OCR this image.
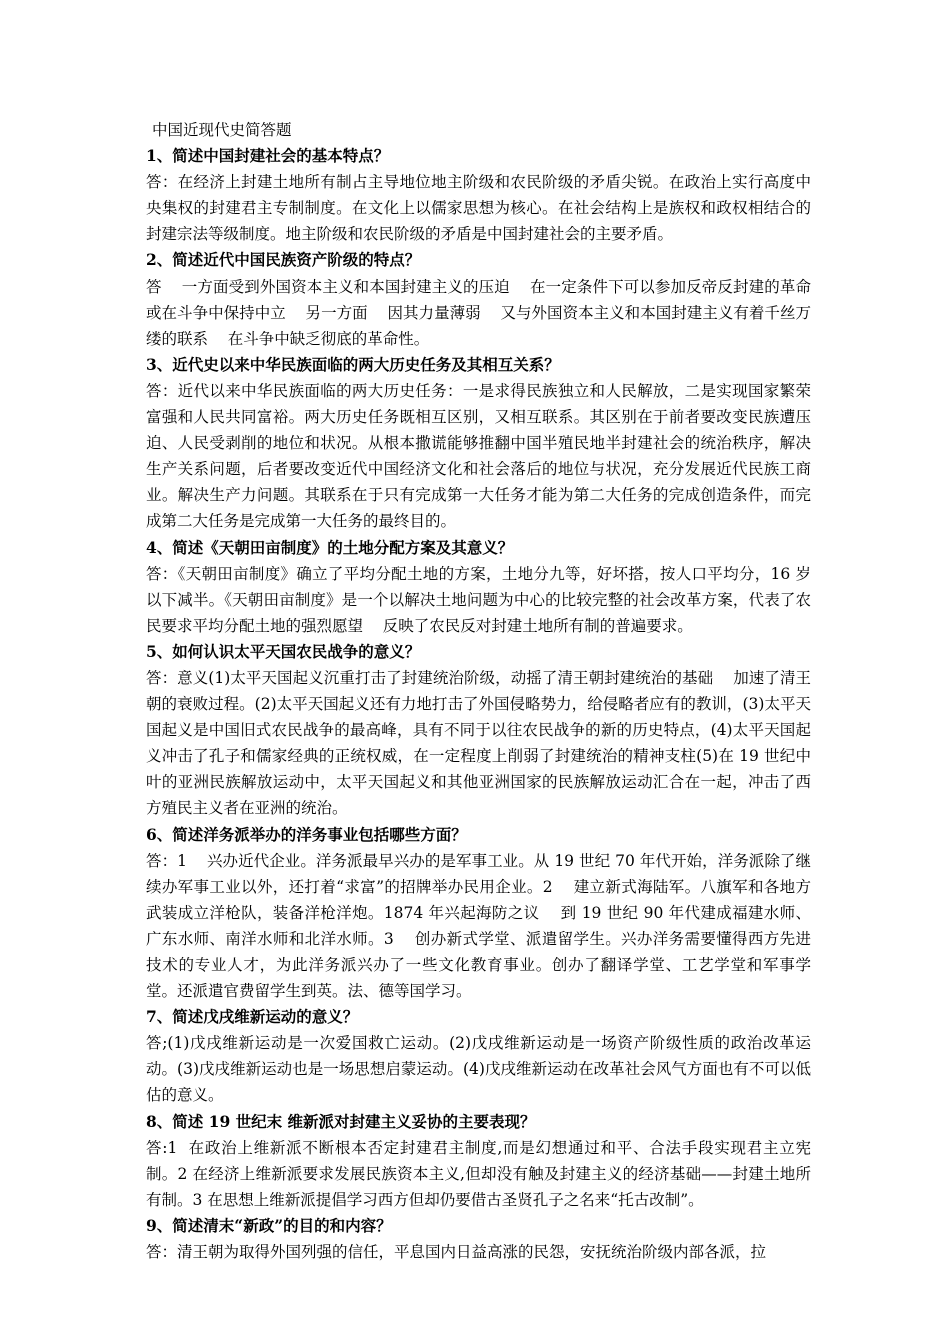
中国近现代史简答题

1、简述中国封建社会的基本特点？

答：在经济上封建土地所有制占主导地位地主阶级和农民阶级的矛盾尖锐。在政治上实行高度中央集权的封建君主专制制度。在文化上以儒家思想为核心。在社会结构上是族权和政权相结合的封建宗法等级制度。地主阶级和农民阶级的矛盾是中国封建社会的主要矛盾。

2、简述近代中国民族资产阶级的特点？

答    一方面受到外国资本主义和本国封建主义的压迫    在一定条件下可以参加反帝反封建的革命或在斗争中保持中立    另一方面    因其力量薄弱    又与外国资本主义和本国封建主义有着千丝万缕的联系    在斗争中缺乏彻底的革命性。

3、近代史以来中华民族面临的两大历史任务及其相互关系？

答：近代以来中华民族面临的两大历史任务：一是求得民族独立和人民解放，二是实现国家繁荣富强和人民共同富裕。两大历史任务既相互区别，又相互联系。其区别在于前者要改变民族遭压迫、人民受剥削的地位和状况。从根本撒谎能够推翻中国半殖民地半封建社会的统治秩序，解决生产关系问题，后者要改变近代中国经济文化和社会落后的地位与状况，充分发展近代民族工商业。解决生产力问题。其联系在于只有完成第一大任务才能为第二大任务的完成创造条件，而完成第二大任务是完成第一大任务的最终目的。

4、简述《天朝田亩制度》的土地分配方案及其意义？

答：《天朝田亩制度》确立了平均分配土地的方案，土地分九等，好坏搭，按人口平均分，16 岁以下减半。《天朝田亩制度》是一个以解决土地问题为中心的比较完整的社会改革方案，代表了农民要求平均分配土地的强烈愿望    反映了农民反对封建土地所有制的普遍要求。

5、如何认识太平天国农民战争的意义？

答：意义(1)太平天国起义沉重打击了封建统治阶级，动摇了清王朝封建统治的基础    加速了清王朝的衰败过程。(2)太平天国起义还有力地打击了外国侵略势力，给侵略者应有的教训，(3)太平天国起义是中国旧式农民战争的最高峰，具有不同于以往农民战争的新的历史特点，(4)太平天国起义冲击了孔子和儒家经典的正统权威，在一定程度上削弱了封建统治的精神支柱(5)在 19 世纪中叶的亚洲民族解放运动中，太平天国起义和其他亚洲国家的民族解放运动汇合在一起，冲击了西方殖民主义者在亚洲的统治。

6、简述洋务派举办的洋务事业包括哪些方面？

答：1    兴办近代企业。洋务派最早兴办的是军事工业。从 19 世纪 70 年代开始，洋务派除了继续办军事工业以外，还打着“求富”的招牌举办民用企业。2    建立新式海陆军。八旗军和各地方武装成立洋枪队，装备洋枪洋炮。1874 年兴起海防之议    到 19 世纪 90 年代建成福建水师、广东水师、南洋水师和北洋水师。3    创办新式学堂、派遣留学生。兴办洋务需要懂得西方先进技术的专业人才，为此洋务派兴办了一些文化教育事业。创办了翻译学堂、工艺学堂和军事学堂。还派遣官费留学生到英。法、德等国学习。

7、简述戊戌维新运动的意义？

答;(1)戊戌维新运动是一次爱国救亡运动。(2)戊戌维新运动是一场资产阶级性质的政治改革运动。(3)戊戌维新运动也是一场思想启蒙运动。(4)戊戌维新运动在改革社会风气方面也有不可以低估的意义。

8、简述 19 世纪末 维新派对封建主义妥协的主要表现？

答:1  在政治上维新派不断根本否定封建君主制度,而是幻想通过和平、合法手段实现君主立宪制。2 在经济上维新派要求发展民族资本主义,但却没有触及封建主义的经济基础——封建土地所有制。3 在思想上维新派提倡学习西方但却仍要借古圣贤孔子之名来“托古改制”。

9、简述清末“新政”的目的和内容？

答：清王朝为取得外国列强的信任，平息国内日益高涨的民怨，安抚统治阶级内部各派，拉
